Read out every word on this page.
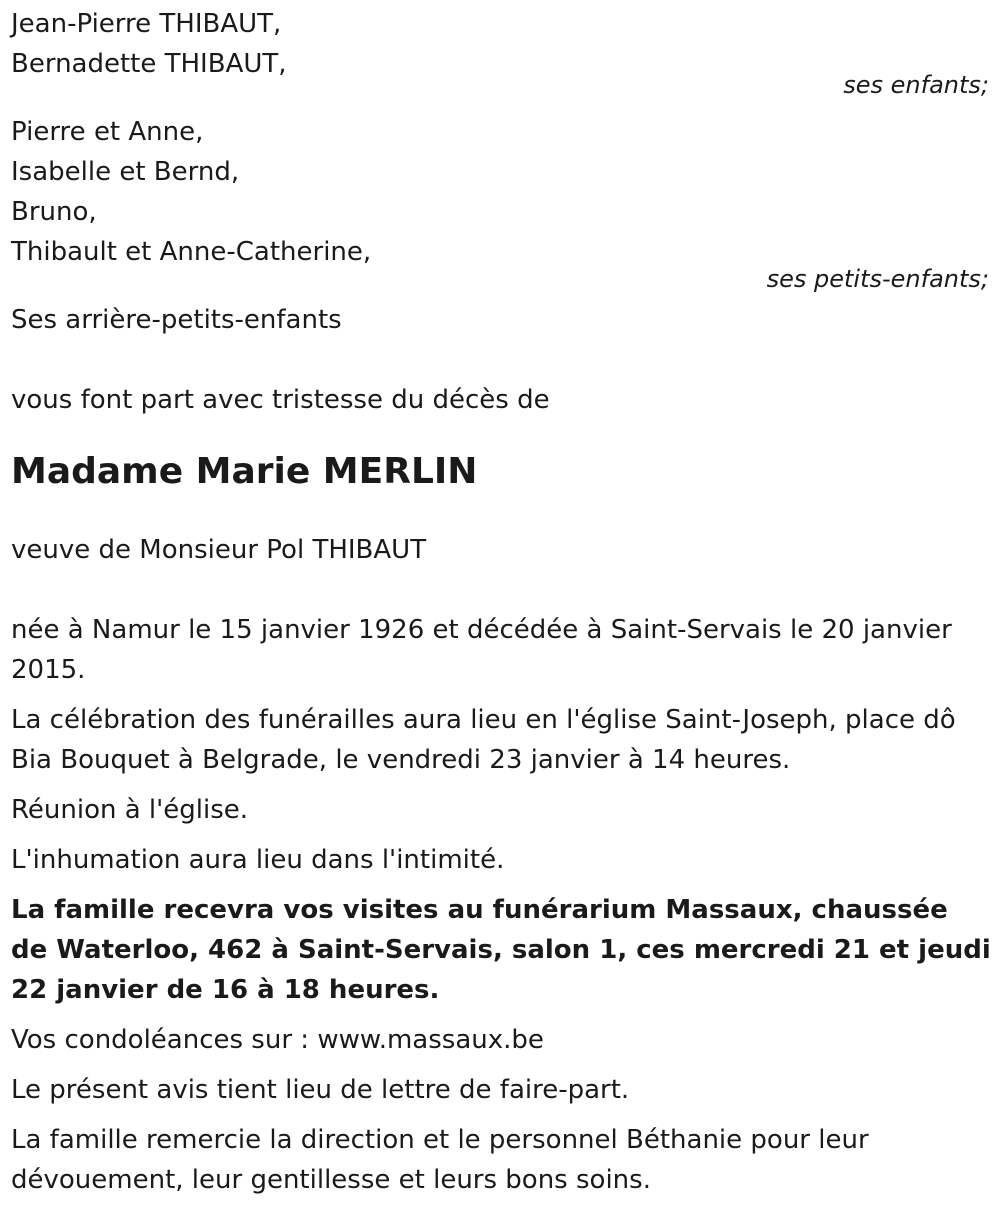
Jean-Pierre THIBAUT,
Bernadette THIBAUT,
ses enfants;
Pierre et Anne,
Isabelle et Bernd,
Bruno,
Thibault et Anne-Catherine,
ses petits-enfants;
Ses arrière-petits-enfants
vous font part avec tristesse du décès de
Madame Marie MERLIN
veuve de Monsieur Pol THIBAUT

née à Namur le 15 janvier 1926 et décédée à Saint-Servais le 20 janvier 2015.

La célébration des funérailles aura lieu en l'église Saint-Joseph, place dô Bia Bouquet à Belgrade, le vendredi 23 janvier à 14 heures.

Réunion à l'église.

L'inhumation aura lieu dans l'intimité.

La famille recevra vos visites au funérarium Massaux, chaussée de Waterloo, 462 à Saint-Servais, salon 1, ces mercredi 21 et jeudi 22 janvier de 16 à 18 heures.

Vos condoléances sur : www.massaux.be

Le présent avis tient lieu de lettre de faire-part.

La famille remercie la direction et le personnel Béthanie pour leur dévouement, leur gentillesse et leurs bons soins.
